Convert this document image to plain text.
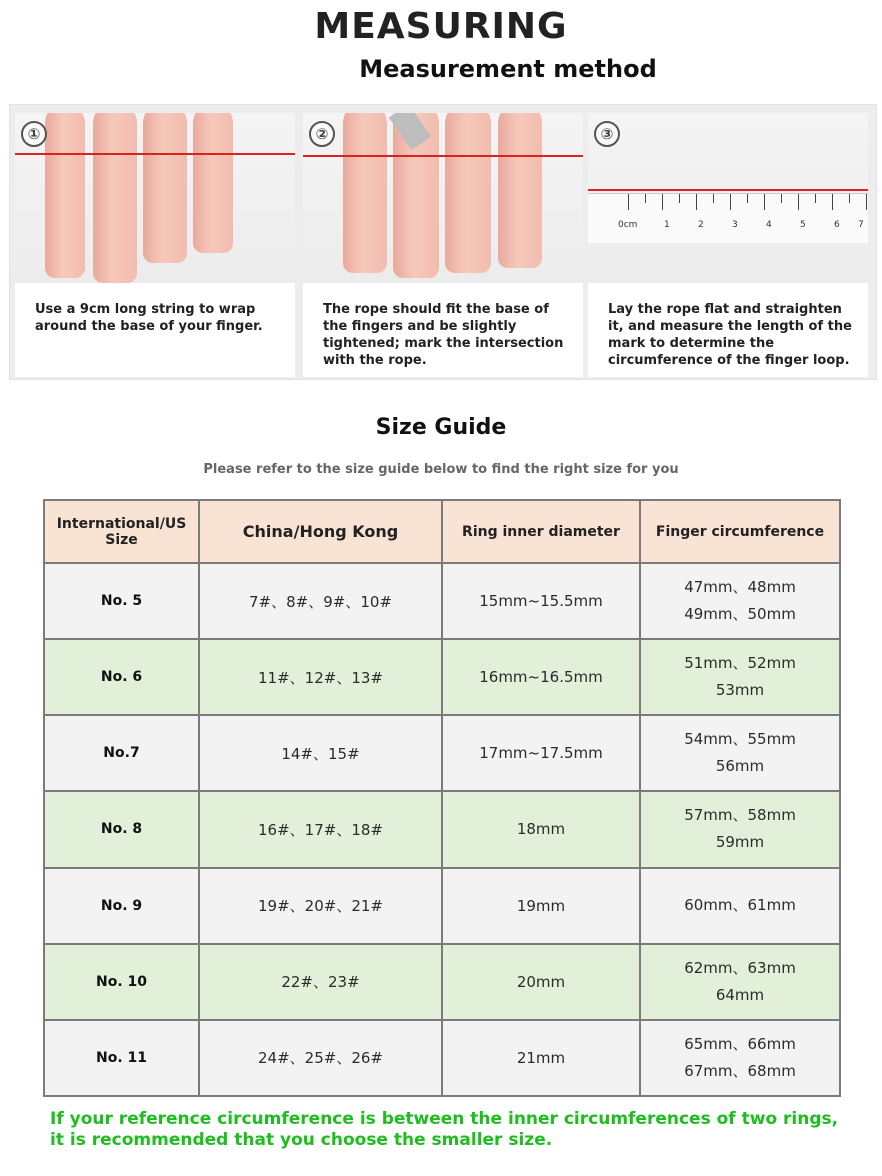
MEASURING
Measurement method
①
Use a 9cm long string to wrap around the base of your finger.
②
The rope should fit the base of the fingers and be slightly tightened; mark the intersection with the rope.
0cm	1	2	3	4	5	6 7
③
Lay the rope flat and straighten it, and measure the length of the mark to determine the circumference of the finger loop.
Size Guide
Please refer to the size guide below to find the right size for you
International/US Size	China/Hong Kong	Ring inner diameter	Finger circumference
No. 5	7#、8#、9#、10#	15mm~15.5mm	47mm、48mm
49mm、50mm

No. 6	11#、12#、13#	16mm~16.5mm	51mm、52mm
53mm

No.7	14#、15#	17mm~17.5mm	54mm、55mm
56mm

No. 8	16#、17#、18#	18mm	57mm、58mm
59mm

No. 9	19#、20#、21#	19mm	60mm、61mm

No. 10	22#、23#	20mm	62mm、63mm
64mm

No. 11	24#、25#、26#	21mm	65mm、66mm
67mm、68mm
If your reference circumference is between the inner circumferences of two rings, it is recommended that you choose the smaller size.
